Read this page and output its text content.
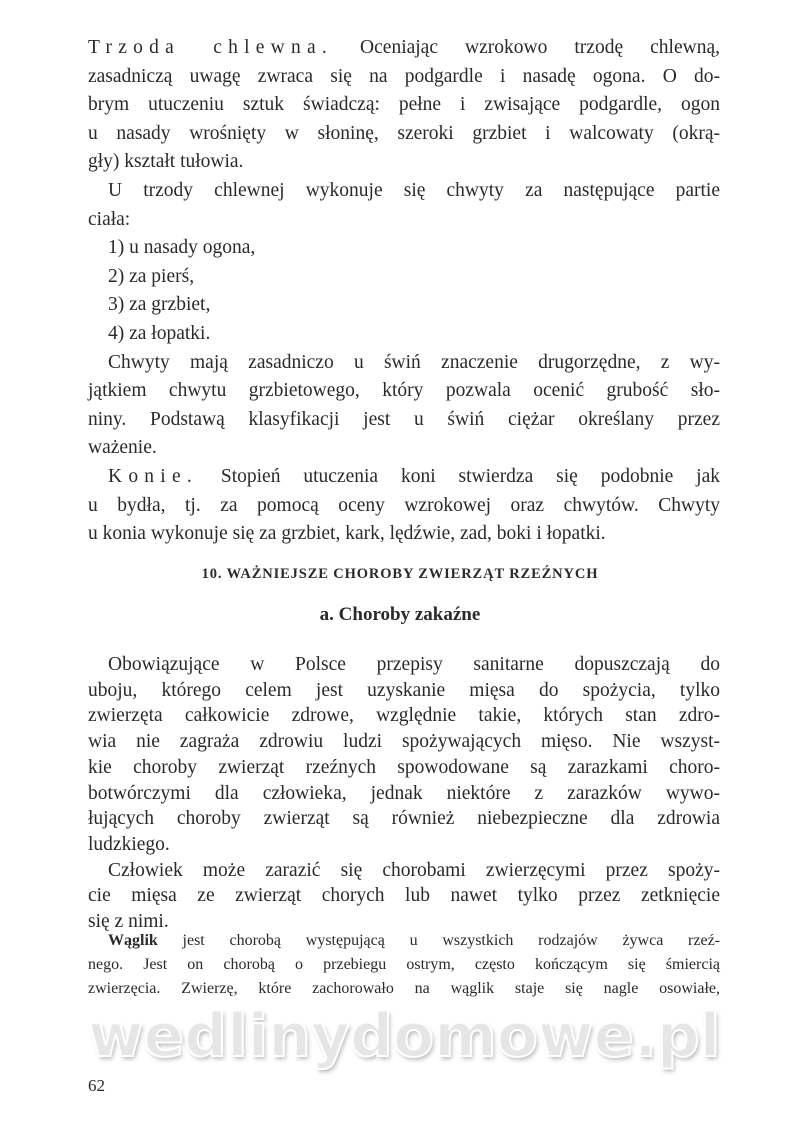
Trzoda chlewna. Oceniając wzrokowo trzodę chlewną,
zasadniczą uwagę zwraca się na podgardle i nasadę ogona. O do-
brym utuczeniu sztuk świadczą: pełne i zwisające podgardle, ogon
u nasady wrośnięty w słoninę, szeroki grzbiet i walcowaty (okrą-
gły) kształt tułowia.
U trzody chlewnej wykonuje się chwyty za następujące partie
ciała:
1) u nasady ogona,
2) za pierś,
3) za grzbiet,
4) za łopatki.
Chwyty mają zasadniczo u świń znaczenie drugorzędne, z wy-
jątkiem chwytu grzbietowego, który pozwala ocenić grubość sło-
niny. Podstawą klasyfikacji jest u świń ciężar określany przez
ważenie.
Konie. Stopień utuczenia koni stwierdza się podobnie jak
u bydła, tj. za pomocą oceny wzrokowej oraz chwytów. Chwyty
u konia wykonuje się za grzbiet, kark, lędźwie, zad, boki i łopatki.
10. WAŻNIEJSZE CHOROBY ZWIERZĄT RZEŹNYCH
a. Choroby zakaźne
Obowiązujące w Polsce przepisy sanitarne dopuszczają do
uboju, którego celem jest uzyskanie mięsa do spożycia, tylko
zwierzęta całkowicie zdrowe, względnie takie, których stan zdro-
wia nie zagraża zdrowiu ludzi spożywających mięso. Nie wszyst-
kie choroby zwierząt rzeźnych spowodowane są zarazkami choro-
botwórczymi dla człowieka, jednak niektóre z zarazków wywo-
łujących choroby zwierząt są również niebezpieczne dla zdrowia
ludzkiego.
Człowiek może zarazić się chorobami zwierzęcymi przez spoży-
cie mięsa ze zwierząt chorych lub nawet tylko przez zetknięcie
się z nimi.
Wąglik jest chorobą występującą u wszystkich rodzajów żywca rzeź-
nego. Jest on chorobą o przebiegu ostrym, często kończącym się śmiercią
zwierzęcia. Zwierzę, które zachorowało na wąglik staje się nagle osowiałe,
wedlinydomowe.pl
62
